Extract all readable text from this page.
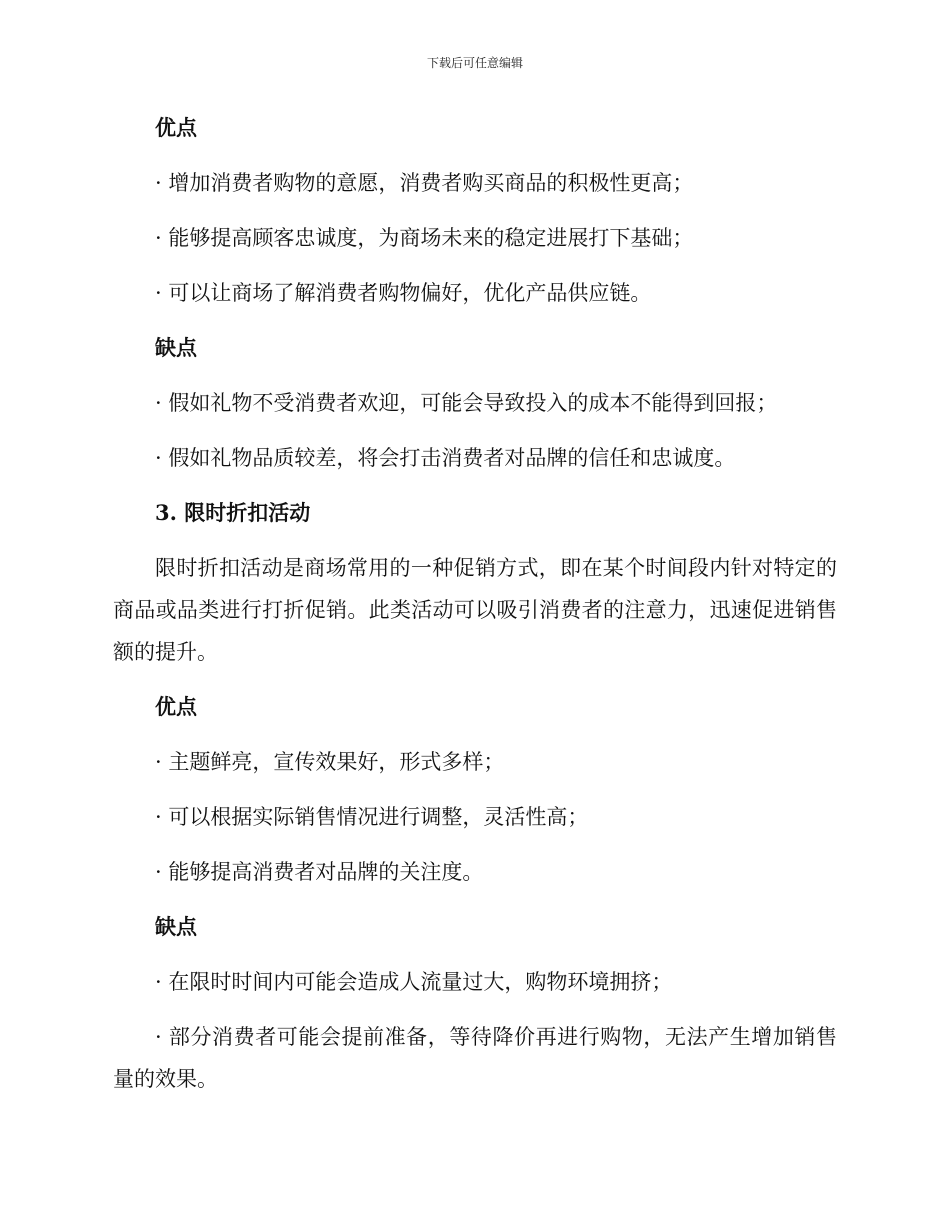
下载后可任意编辑

优点

· 增加消费者购物的意愿，消费者购买商品的积极性更高；

· 能够提高顾客忠诚度，为商场未来的稳定进展打下基础；

· 可以让商场了解消费者购物偏好，优化产品供应链。

缺点

· 假如礼物不受消费者欢迎，可能会导致投入的成本不能得到回报；

· 假如礼物品质较差，将会打击消费者对品牌的信任和忠诚度。

3. 限时折扣活动

限时折扣活动是商场常用的一种促销方式，即在某个时间段内针对特定的商品或品类进行打折促销。此类活动可以吸引消费者的注意力，迅速促进销售额的提升。

优点

· 主题鲜亮，宣传效果好，形式多样；

· 可以根据实际销售情况进行调整，灵活性高；

· 能够提高消费者对品牌的关注度。

缺点

· 在限时时间内可能会造成人流量过大，购物环境拥挤；

· 部分消费者可能会提前准备，等待降价再进行购物，无法产生增加销售量的效果。
